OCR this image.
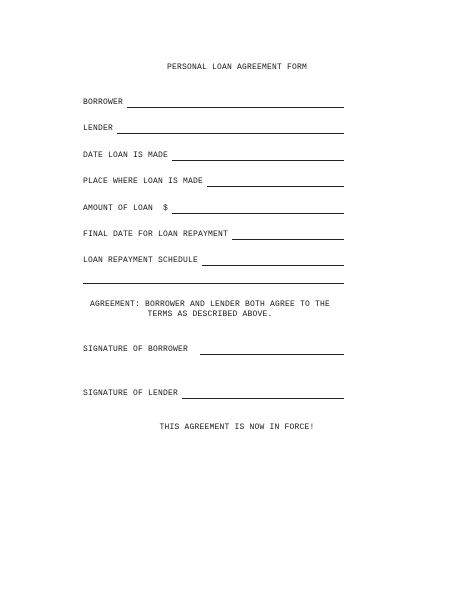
PERSONAL LOAN AGREEMENT FORM
BORROWER
LENDER
DATE LOAN IS MADE
PLACE WHERE LOAN IS MADE
AMOUNT OF LOAN  $
FINAL DATE FOR LOAN REPAYMENT
LOAN REPAYMENT SCHEDULE
AGREEMENT: BORROWER AND LENDER BOTH AGREE TO THE
TERMS AS DESCRIBED ABOVE.
SIGNATURE OF BORROWER
SIGNATURE OF LENDER
THIS AGREEMENT IS NOW IN FORCE!
